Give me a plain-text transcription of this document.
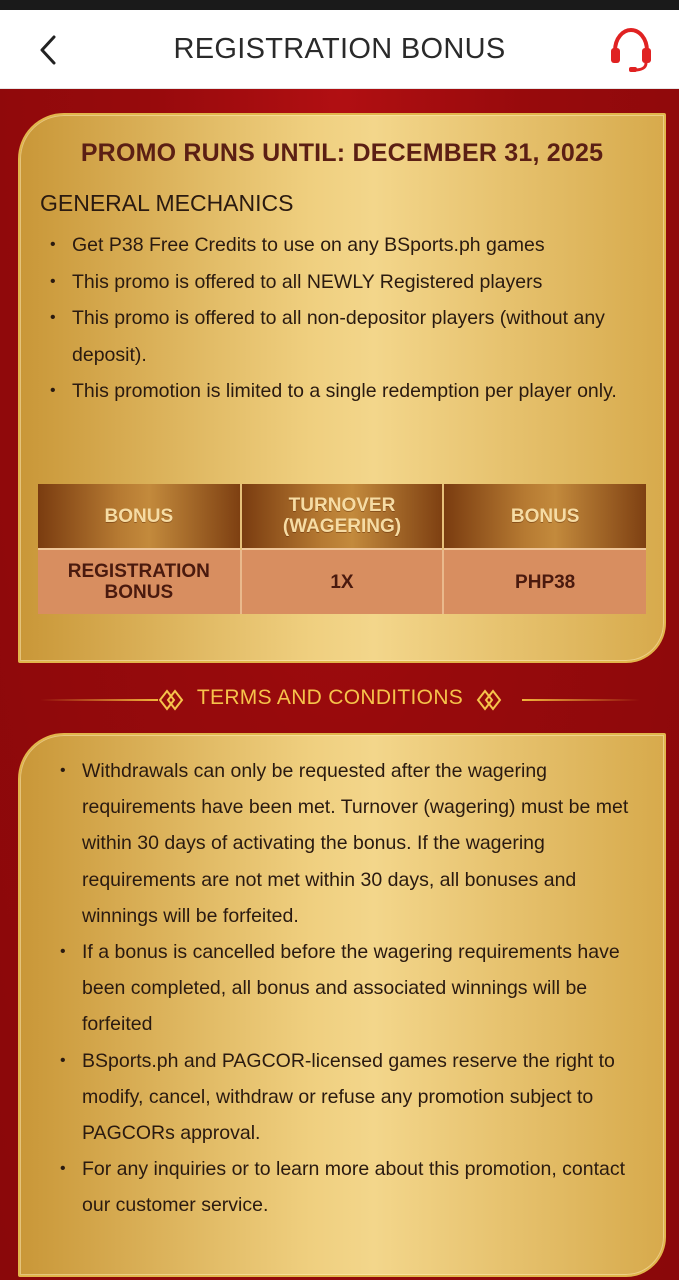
REGISTRATION BONUS
PROMO RUNS UNTIL: DECEMBER 31, 2025
GENERAL MECHANICS
• Get P38 Free Credits to use on any BSports.ph games
• This promo is offered to all NEWLY Registered players
• This promo is offered to all non-depositor players (without any deposit).
• This promotion is limited to a single redemption per player only.
BONUS	TURNOVER (WAGERING)	BONUS
REGISTRATION BONUS	1X	PHP38
TERMS AND CONDITIONS
• Withdrawals can only be requested after the wagering requirements have been met. Turnover (wagering) must be met within 30 days of activating the bonus. If the wagering requirements are not met within 30 days, all bonuses and winnings will be forfeited.
• If a bonus is cancelled before the wagering requirements have been completed, all bonus and associated winnings will be forfeited
• BSports.ph and PAGCOR-licensed games reserve the right to modify, cancel, withdraw or refuse any promotion subject to PAGCORs approval.
• For any inquiries or to learn more about this promotion, contact our customer service.
